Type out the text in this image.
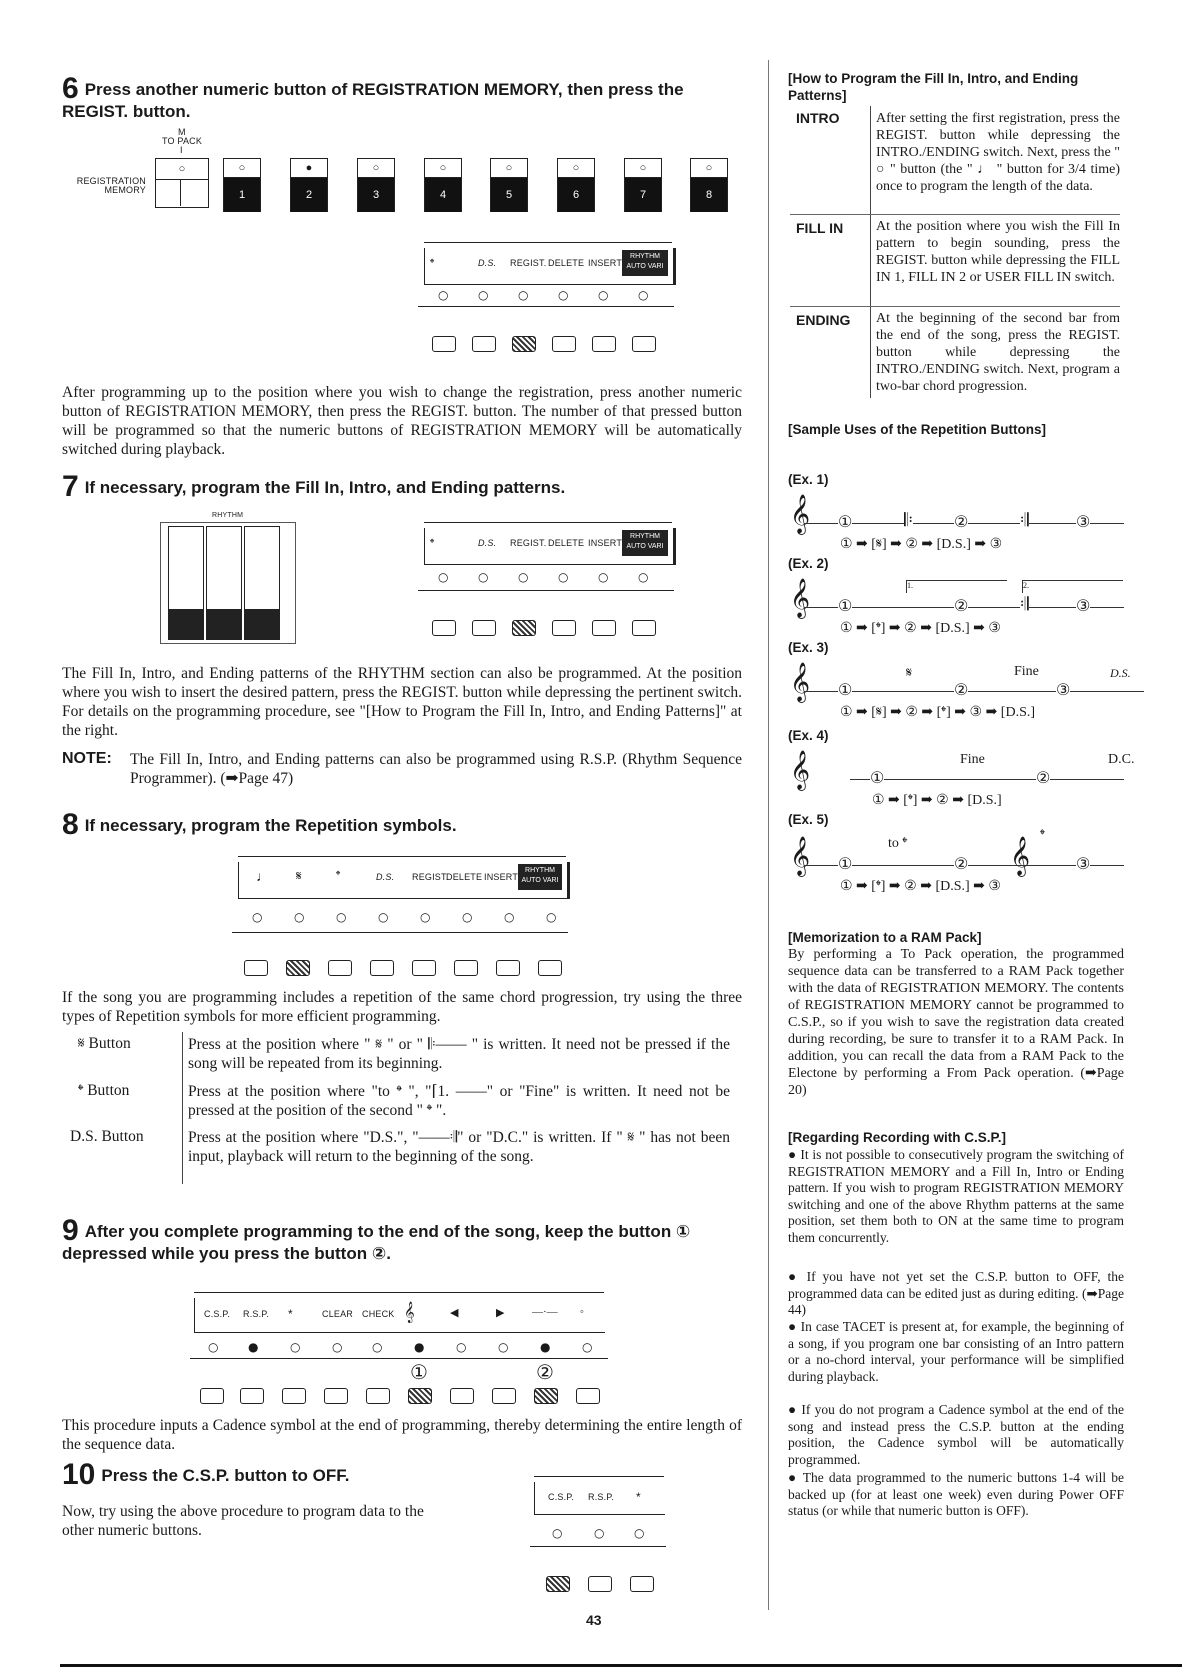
6 Press another numeric button of REGISTRATION MEMORY, then press the REGIST. button.
M
TO PACK
I
REGISTRATION MEMORY
○	○
1
●
2
○
3
○
4
○
5
○
6
○
7
○
8
𝄌	D.S. REGIST. DELETE INSERT
RHYTHM AUTO VARI
○ ○ ○ ○ ○ ○
After programming up to the position where you wish to change the registration, press another numeric button of REGISTRATION MEMORY, then press the REGIST. button. The number of that pressed button will be programmed so that the numeric buttons of REGISTRATION MEMORY will be automatically switched during playback.
7 If necessary, program the Fill In, Intro, and Ending patterns.
RHYTHM
𝄌	D.S. REGIST. DELETE INSERT
RHYTHM AUTO VARI
○ ○ ○ ○ ○ ○
The Fill In, Intro, and Ending patterns of the RHYTHM section can also be programmed. At the position where you wish to insert the desired pattern, press the REGIST. button while depressing the pertinent switch. For details on the programming procedure, see "[How to Program the Fill In, Intro, and Ending Patterns]" at the right.
NOTE: The Fill In, Intro, and Ending patterns can also be programmed using R.S.P. (Rhythm Sequence Programmer). (➡Page 47)
8 If necessary, program the Repetition symbols.
♩ 𝄋	𝄌	D.S. REGIST.
DELETE INSERT
RHYTHM AUTO VARI
○	○	○	○	○	○	○	○
If the song you are programming includes a repetition of the same chord progression, try using the three types of Repetition symbols for more efficient programming.
𝄋 Button	Press at the position where " 𝄋 " or " 𝄆—— " is written. It need not be pressed if the song will be repeated from its beginning.
𝄌 Button	Press at the position where "to 𝄌 ", "⌈1. ——" or "Fine" is written. It need not be pressed at the position of the second " 𝄌 ".
D.S. Button	Press at the position where "D.S.", "——𝄇" or "D.C." is written. If " 𝄋 " has not been input, playback will return to the beginning of the song.
9 After you complete programming to the end of the song, keep the button ① depressed while you press the button ②.
C.S.P. R.S.P. *	CLEAR CHECK 𝄞	◀	▶	—·— ◦
○ ●	○	○ ○	●	○	○	●	○
①	②
This procedure inputs a Cadence symbol at the end of programming, thereby determining the entire length of the sequence data.
10 Press the C.S.P. button to OFF.
Now, try using the above procedure to program data to the other numeric buttons.
C.S.P. R.S.P. *
○	○ ○
43
[How to Program the Fill In, Intro, and Ending Patterns]
INTRO	After setting the first registration, press the REGIST. button while depressing the INTRO./ENDING switch. Next, press the " ○ " button (the " ♩ " button for 3/4 time) once to program the length of the data.
FILL IN At the position where you wish the Fill In pattern to begin sounding, press the REGIST. button while depressing the FILL IN 1, FILL IN 2 or USER FILL IN switch.
ENDING At the beginning of the second bar from the end of the song, press the REGIST. button while depressing the INTRO./ENDING switch. Next, program a two-bar chord progression.
[Sample Uses of the Repetition Buttons]
(Ex. 1)
𝄞 ①	𝄆	②	𝄇	③
① ➡ [𝄋] ➡ ② ➡ [D.S.] ➡ ③
(Ex. 2)
𝄞	1.	2.
①	②	𝄇	③
① ➡ [𝄌] ➡ ② ➡ [D.S.] ➡ ③
(Ex. 3)
𝄋	Fine	D.S.
𝄞 ①	②	③
① ➡ [𝄋] ➡ ② ➡ [𝄌] ➡ ③ ➡ [D.S.]
(Ex. 4)
Fine	D.C.
𝄞	①	②
① ➡ [𝄌] ➡ ② ➡ [D.S.]
(Ex. 5)
to 𝄌
𝄌
𝄞	𝄞
①	②	③
① ➡ [𝄌] ➡ ② ➡ [D.S.] ➡ ③
[Memorization to a RAM Pack]
By performing a To Pack operation, the programmed sequence data can be transferred to a RAM Pack together with the data of REGISTRATION MEMORY. The contents of REGISTRATION MEMORY cannot be programmed to C.S.P., so if you wish to save the registration data created during recording, be sure to transfer it to a RAM Pack. In addition, you can recall the data from a RAM Pack to the Electone by performing a From Pack operation. (➡Page 20)
[Regarding Recording with C.S.P.]
● It is not possible to consecutively program the switching of REGISTRATION MEMORY and a Fill In, Intro or Ending pattern. If you wish to program REGISTRATION MEMORY switching and one of the above Rhythm patterns at the same position, set them both to ON at the same time to program them concurrently.
● If you have not yet set the C.S.P. button to OFF, the programmed data can be edited just as during editing. (➡Page 44)
● In case TACET is present at, for example, the beginning of a song, if you program one bar consisting of an Intro pattern or a no-chord interval, your performance will be simplified during playback.
● If you do not program a Cadence symbol at the end of the song and instead press the C.S.P. button at the ending position, the Cadence symbol will be automatically programmed.
● The data programmed to the numeric buttons 1-4 will be backed up (for at least one week) even during Power OFF status (or while that numeric button is OFF).
